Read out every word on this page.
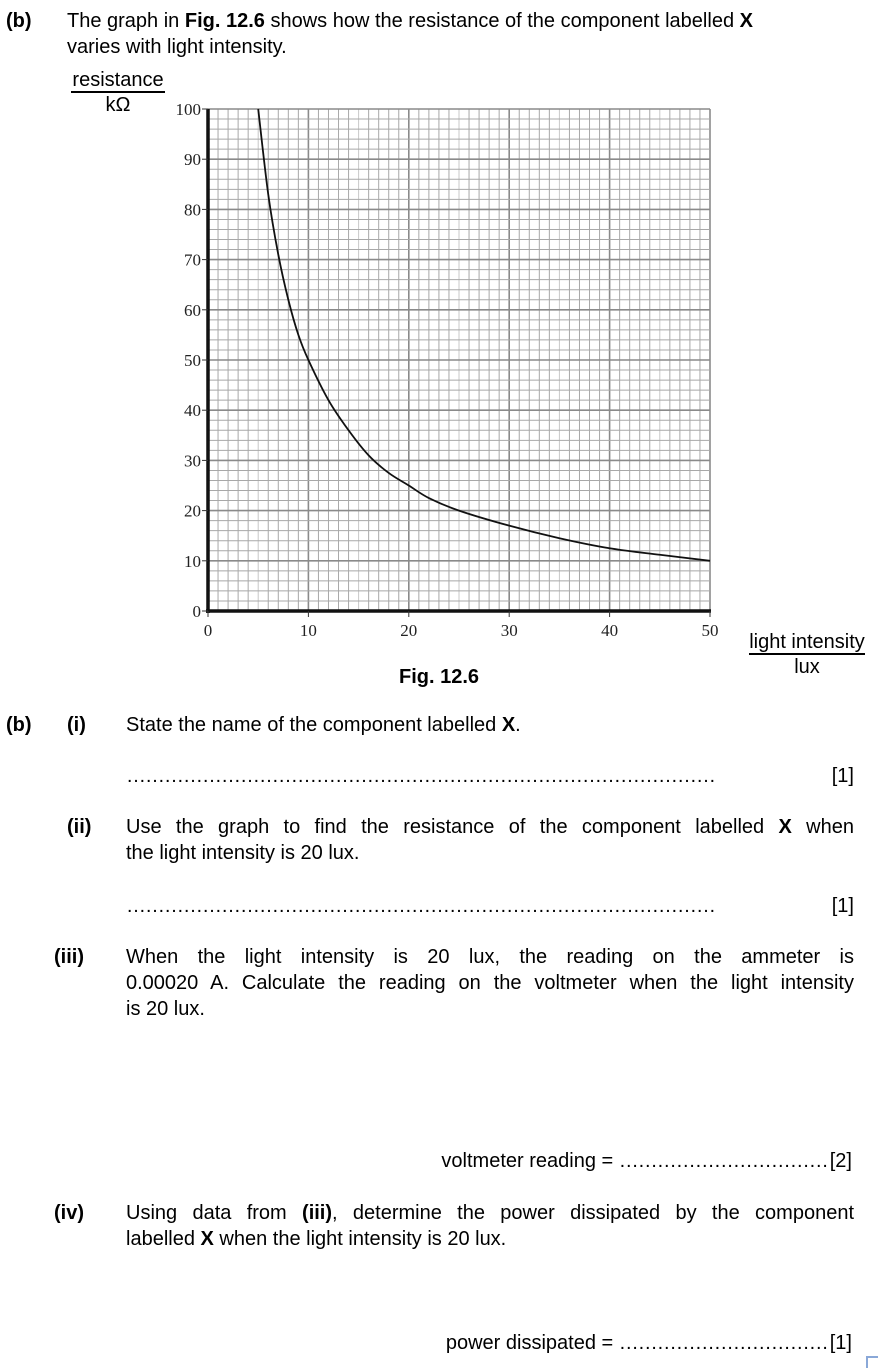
(b) The graph in Fig. 12.6 shows how the resistance of the component labelled X
varies with light intensity.
resistance
kΩ
0	10	20	30	40	50
0
10
20
30
40
50
60
70
80
90
100
light intensity
lux
Fig. 12.6
(b) (i) State the name of the component labelled X.
…………………………………………………………………………………	[1]
(ii) Use the graph to find the resistance of the component labelled X when
the light intensity is 20 lux.
…………………………………………………………………………………	[1]
(iii) When the light intensity is 20 lux, the reading on the ammeter is
0.00020 A. Calculate the reading on the voltmeter when the light intensity
is 20 lux.
voltmeter reading = …………………………… [2]
(iv) Using data from (iii), determine the power dissipated by the component
labelled X when the light intensity is 20 lux.
power dissipated = …………………………… [1]
